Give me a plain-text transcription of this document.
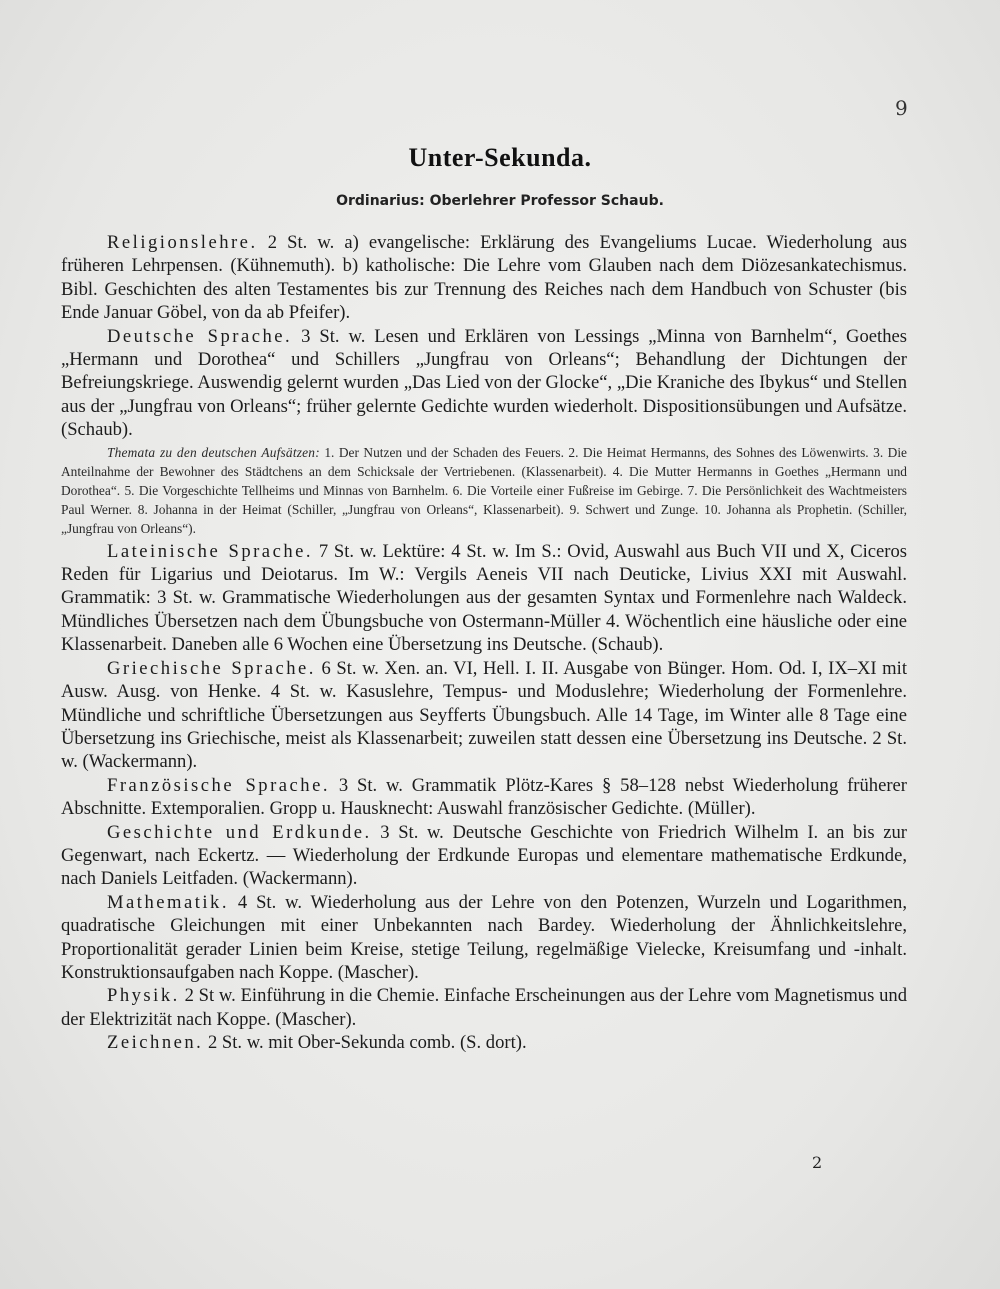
9
Unter-Sekunda.
Ordinarius: Oberlehrer Professor Schaub.

Religionslehre. 2 St. w. a) evangelische: Erklärung des Evangeliums Lucae. Wiederholung aus früheren Lehrpensen. (Kühnemuth). b) katholische: Die Lehre vom Glauben nach dem Diözesankatechismus. Bibl. Geschichten des alten Testamentes bis zur Trennung des Reiches nach dem Handbuch von Schuster (bis Ende Januar Göbel, von da ab Pfeifer).

Deutsche Sprache. 3 St. w. Lesen und Erklären von Lessings „Minna von Barnhelm“, Goethes „Hermann und Dorothea“ und Schillers „Jungfrau von Orleans“; Behandlung der Dichtungen der Befreiungskriege. Auswendig gelernt wurden „Das Lied von der Glocke“, „Die Kraniche des Ibykus“ und Stellen aus der „Jungfrau von Orleans“; früher gelernte Gedichte wurden wiederholt. Dispositionsübungen und Aufsätze. (Schaub).

Themata zu den deutschen Aufsätzen: 1. Der Nutzen und der Schaden des Feuers. 2. Die Heimat Hermanns, des Sohnes des Löwenwirts. 3. Die Anteilnahme der Bewohner des Städtchens an dem Schicksale der Vertriebenen. (Klassenarbeit). 4. Die Mutter Hermanns in Goethes „Hermann und Dorothea“. 5. Die Vorgeschichte Tellheims und Minnas von Barnhelm. 6. Die Vorteile einer Fußreise im Gebirge. 7. Die Persönlichkeit des Wachtmeisters Paul Werner. 8. Johanna in der Heimat (Schiller, „Jungfrau von Orleans“, Klassenarbeit). 9. Schwert und Zunge. 10. Johanna als Prophetin. (Schiller, „Jungfrau von Orleans“).

Lateinische Sprache. 7 St. w. Lektüre: 4 St. w. Im S.: Ovid, Auswahl aus Buch VII und X, Ciceros Reden für Ligarius und Deiotarus. Im W.: Vergils Aeneis VII nach Deuticke, Livius XXI mit Auswahl. Grammatik: 3 St. w. Grammatische Wiederholungen aus der gesamten Syntax und Formenlehre nach Waldeck. Mündliches Übersetzen nach dem Übungsbuche von Ostermann-Müller 4. Wöchentlich eine häusliche oder eine Klassenarbeit. Daneben alle 6 Wochen eine Übersetzung ins Deutsche. (Schaub).

Griechische Sprache. 6 St. w. Xen. an. VI, Hell. I. II. Ausgabe von Bünger. Hom. Od. I, IX–XI mit Ausw. Ausg. von Henke. 4 St. w. Kasuslehre, Tempus- und Moduslehre; Wiederholung der Formenlehre. Mündliche und schriftliche Übersetzungen aus Seyfferts Übungsbuch. Alle 14 Tage, im Winter alle 8 Tage eine Übersetzung ins Griechische, meist als Klassenarbeit; zuweilen statt dessen eine Übersetzung ins Deutsche. 2 St. w. (Wackermann).

Französische Sprache. 3 St. w. Grammatik Plötz-Kares § 58–128 nebst Wiederholung früherer Abschnitte. Extemporalien. Gropp u. Hausknecht: Auswahl französischer Gedichte. (Müller).

Geschichte und Erdkunde. 3 St. w. Deutsche Geschichte von Friedrich Wilhelm I. an bis zur Gegenwart, nach Eckertz. — Wiederholung der Erdkunde Europas und elementare mathematische Erdkunde, nach Daniels Leitfaden. (Wackermann).

Mathematik. 4 St. w. Wiederholung aus der Lehre von den Potenzen, Wurzeln und Logarithmen, quadratische Gleichungen mit einer Unbekannten nach Bardey. Wiederholung der Ähnlichkeitslehre, Proportionalität gerader Linien beim Kreise, stetige Teilung, regelmäßige Vielecke, Kreisumfang und -inhalt. Konstruktionsaufgaben nach Koppe. (Mascher).

Physik. 2 St w. Einführung in die Chemie. Einfache Erscheinungen aus der Lehre vom Magnetismus und der Elektrizität nach Koppe. (Mascher).

Zeichnen. 2 St. w. mit Ober-Sekunda comb. (S. dort).

2
